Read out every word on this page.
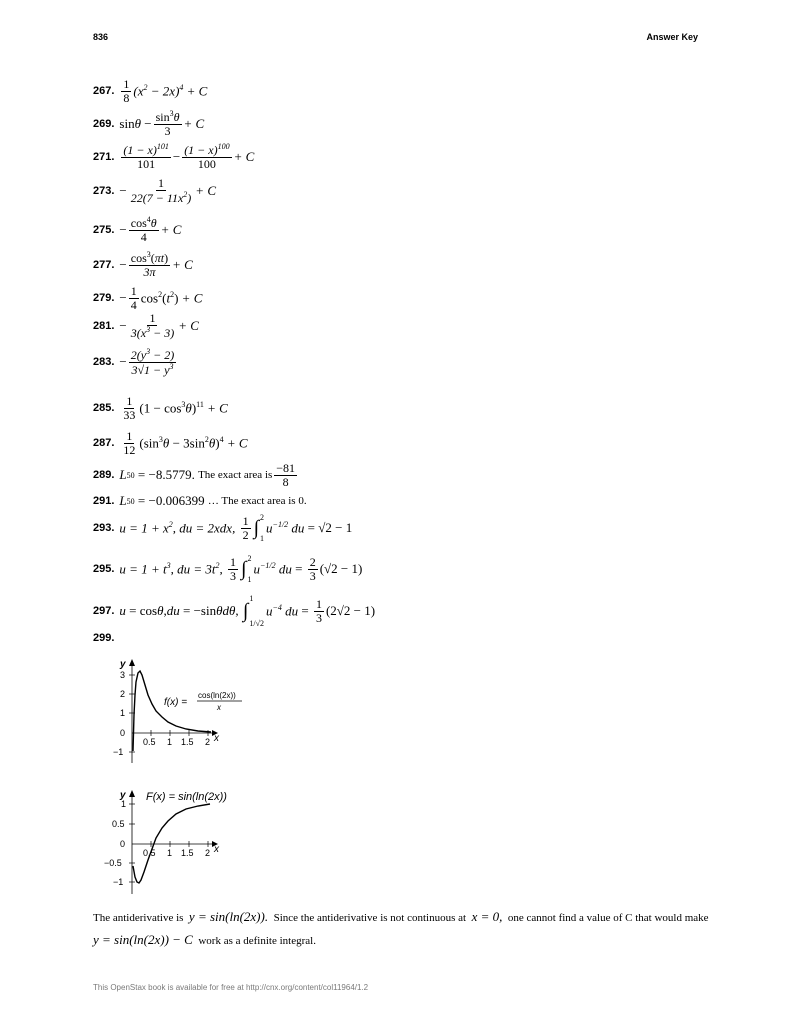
836	Answer Key
267. $\frac{1}{8} (x^2 - 2x)^4 + C$
269. $\sin\theta - \frac{\sin^3\theta}{3} + C$
271. $\frac{(1 - x)^{101}}{101} - \frac{(1 - x)^{100}}{100} + C$
273. − $\frac{1}{22(7 - 11x^2)} + C$
275. − $\frac{\cos^4\theta}{4} + C$
277. − $\frac{\cos^3(\pi t)}{3\pi} + C$
279. − $\frac{1}{4} \cos^2(t^2) + C$
281. − $\frac{1}{3(x^3 - 3)} + C$
283. − $\frac{2(y^3 - 2)}{3√1 - y^3}$
285. $\frac{1}{33} (1 - \cos^3\theta)^{11} + C$
287. $\frac{1}{12} (\sin^3\theta - 3\sin^2\theta)^4 + C$
289. L 50
= −8.5779.
The exact area is $\frac{-81}{8}$
291. L 50
= −0.006399
… The exact area is 0.
293. $u = 1 + x^2$, du = 2xdx, $\frac{1}{2}$ ∫ 2
1
$u^{-1/2}$ du = √2 − 1
295. $u = 1 + t^3$, du = $3t^2$, $\frac{1}{3}$ ∫ 2
1
$u^{-1/2}$ du = $\frac{2}{3} (√2 - 1)$
297. u = cos θ , du = −sin θdθ , ∫
1
1/√2
$u^{-4}$ du = $\frac{1}{3} (2√2 - 1)$
299.
y
x
3
2
1
0
−1
0.5 1 1.5 2
f(x) =
cos(ln(2x))
x
y
x
1
0.5
0
−0.5
−1
0.5 1 1.5 2
F(x) = sin(ln(2x))
The antiderivative is y = sin(ln(2x)). Since the antiderivative is not continuous at x = 0, one cannot find a value of C that would make  y = sin(ln(2x)) − C work as a definite integral.
This OpenStax book is available for free at http://cnx.org/content/col11964/1.2
